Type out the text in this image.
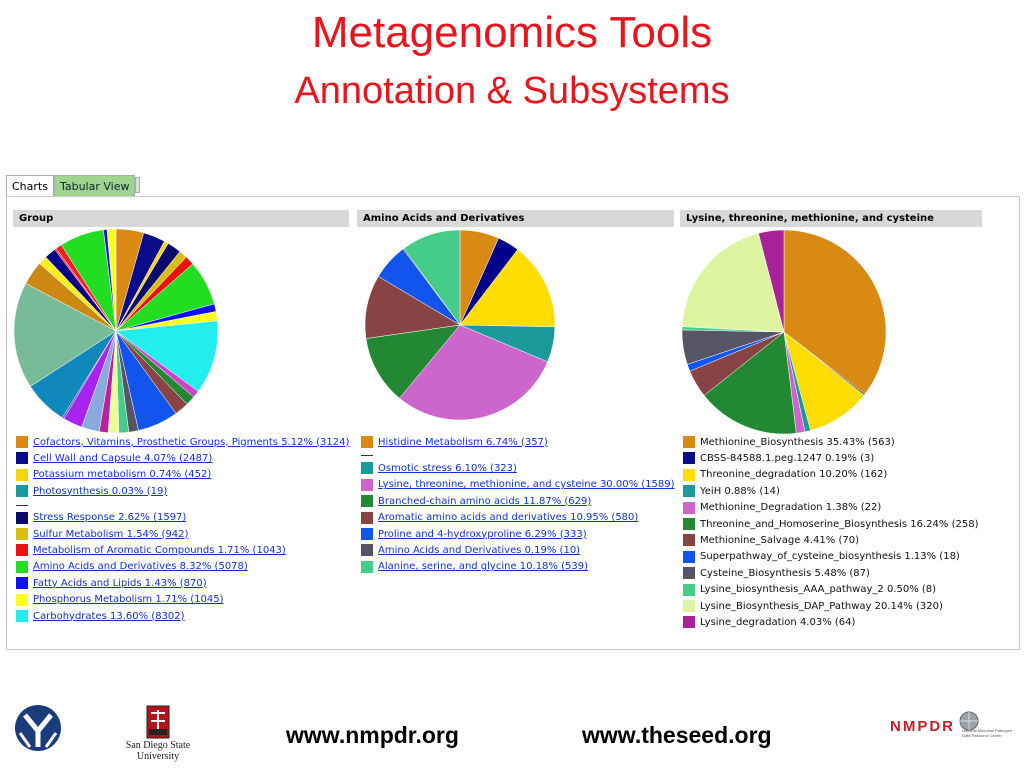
Metagenomics Tools
Annotation & Subsystems
Charts	Tabular View
Group	Amino Acids and Derivatives	Lysine, threonine, methionine, and cysteine
Cofactors, Vitamins, Prosthetic Groups, Pigments 5.12% (3124)
Cell Wall and Capsule 4.07% (2487)
Potassium metabolism 0.74% (452)
Photosynthesis 0.03% (19)
Stress Response 2.62% (1597)
Sulfur Metabolism 1.54% (942)
Metabolism of Aromatic Compounds 1.71% (1043)
Amino Acids and Derivatives 8.32% (5078)
Fatty Acids and Lipids 1.43% (870)
Phosphorus Metabolism 1.71% (1045)
Carbohydrates 13.60% (8302)
Histidine Metabolism 6.74% (357)
Osmotic stress 6.10% (323)
Lysine, threonine, methionine, and cysteine 30.00% (1589)
Branched-chain amino acids 11.87% (629)
Aromatic amino acids and derivatives 10.95% (580)
Proline and 4-hydroxyproline 6.29% (333)
Amino Acids and Derivatives 0.19% (10)
Alanine, serine, and glycine 10.18% (539)
Methionine_Biosynthesis 35.43% (563)
CBSS-84588.1.peg.1247 0.19% (3)
Threonine_degradation 10.20% (162)
YeiH 0.88% (14)
Methionine_Degradation 1.38% (22)
Threonine_and_Homoserine_Biosynthesis 16.24% (258)
Methionine_Salvage 4.41% (70)
Superpathway_of_cysteine_biosynthesis 1.13% (18)
Cysteine_Biosynthesis 5.48% (87)
Lysine_biosynthesis_AAA_pathway_2 0.50% (8)
Lysine_Biosynthesis_DAP_Pathway 20.14% (320)
Lysine_degradation 4.03% (64)
San Diego State
University
www.nmpdr.org	www.theseed.org	NMPDR National Microbial Pathogen Data Resource Center
